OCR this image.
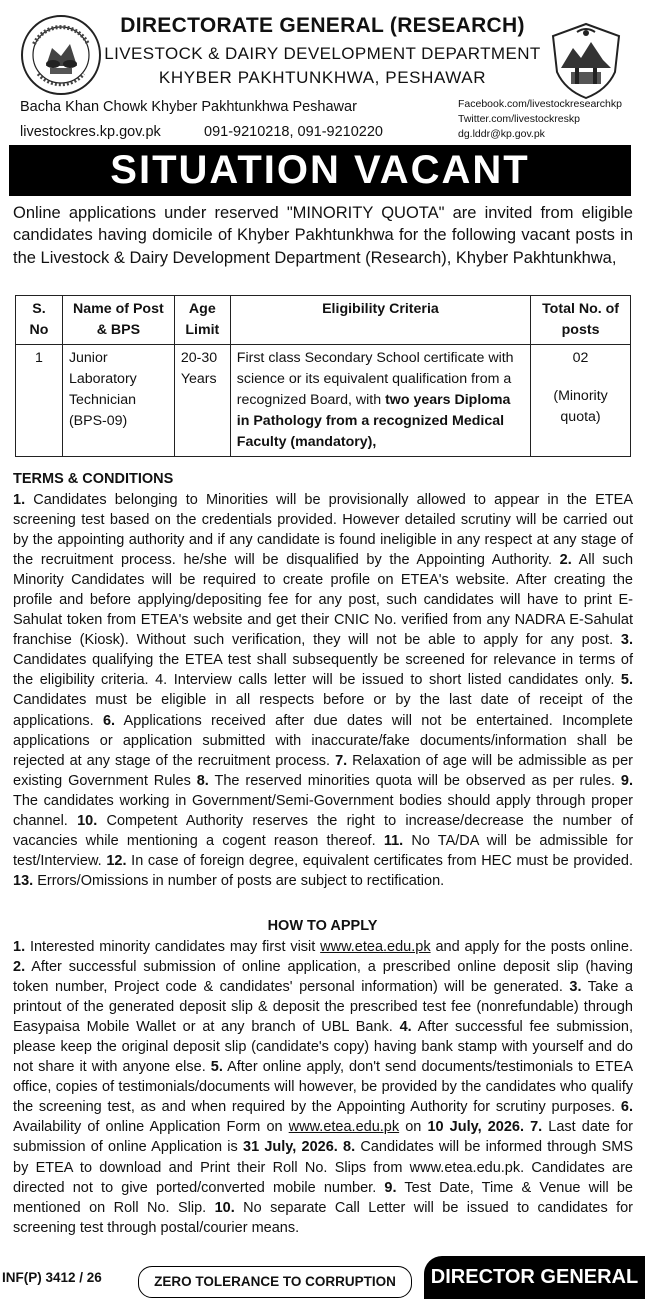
DIRECTORATE GENERAL (RESEARCH)
LIVESTOCK & DAIRY DEVELOPMENT DEPARTMENT
KHYBER PAKHTUNKHWA, PESHAWAR
Bacha Khan Chowk Khyber Pakhtunkhwa Peshawar
livestockres.kp.gov.pk	091-9210218, 091-9210220
Facebook.com/livestockresearchkp
Twitter.com/livestockreskp
dg.lddr@kp.gov.pk
SITUATION VACANT
Online applications under reserved "MINORITY QUOTA" are invited from eligible candidates having domicile of Khyber Pakhtunkhwa for the following vacant posts in the Livestock & Dairy Development Department (Research), Khyber Pakhtunkhwa,
S. No	Name of Post & BPS	Age Limit	Eligibility Criteria	Total No. of posts
1	Junior Laboratory Technician (BPS-09)	20-30 Years	First class Secondary School certificate with science or its equivalent qualification from a recognized Board, with two years Diploma in Pathology from a recognized Medical Faculty (mandatory),	02
(Minority quota)
TERMS & CONDITIONS
1. Candidates belonging to Minorities will be provisionally allowed to appear in the ETEA screening test based on the credentials provided. However detailed scrutiny will be carried out by the appointing authority and if any candidate is found ineligible in any respect at any stage of the recruitment process. he/she will be disqualified by the Appointing Authority. 2. All such Minority Candidates will be required to create profile on ETEA's website. After creating the profile and before applying/depositing fee for any post, such candidates will have to print E-Sahulat token from ETEA's website and get their CNIC No. verified from any NADRA E-Sahulat franchise (Kiosk). Without such verification, they will not be able to apply for any post. 3. Candidates qualifying the ETEA test shall subsequently be screened for relevance in terms of the eligibility criteria. 4. Interview calls letter will be issued to short listed candidates only. 5. Candidates must be eligible in all respects before or by the last date of receipt of the applications. 6. Applications received after due dates will not be entertained. Incomplete applications or application submitted with inaccurate/fake documents/information shall be rejected at any stage of the recruitment process. 7. Relaxation of age will be admissible as per existing Government Rules 8. The reserved minorities quota will be observed as per rules. 9. The candidates working in Government/Semi-Government bodies should apply through proper channel. 10. Competent Authority reserves the right to increase/decrease the number of vacancies while mentioning a cogent reason thereof. 11. No TA/DA will be admissible for test/Interview. 12. In case of foreign degree, equivalent certificates from HEC must be provided. 13. Errors/Omissions in number of posts are subject to rectification.
HOW TO APPLY
1. Interested minority candidates may first visit www.etea.edu.pk and apply for the posts online. 2. After successful submission of online application, a prescribed online deposit slip (having token number, Project code & candidates' personal information) will be generated. 3. Take a printout of the generated deposit slip & deposit the prescribed test fee (nonrefundable) through Easypaisa Mobile Wallet or at any branch of UBL Bank. 4. After successful fee submission, please keep the original deposit slip (candidate's copy) having bank stamp with yourself and do not share it with anyone else. 5. After online apply, don't send documents/testimonials to ETEA office, copies of testimonials/documents will however, be provided by the candidates who qualify the screening test, as and when required by the Appointing Authority for scrutiny purposes. 6. Availability of online Application Form on www.etea.edu.pk on 10 July, 2026. 7. Last date for submission of online Application is 31 July, 2026. 8. Candidates will be informed through SMS by ETEA to download and Print their Roll No. Slips from www.etea.edu.pk. Candidates are directed not to give ported/converted mobile number. 9. Test Date, Time & Venue will be mentioned on Roll No. Slip. 10. No separate Call Letter will be issued to candidates for screening test through postal/courier means.
INF(P) 3412 / 26	ZERO TOLERANCE TO CORRUPTION	DIRECTOR GENERAL
